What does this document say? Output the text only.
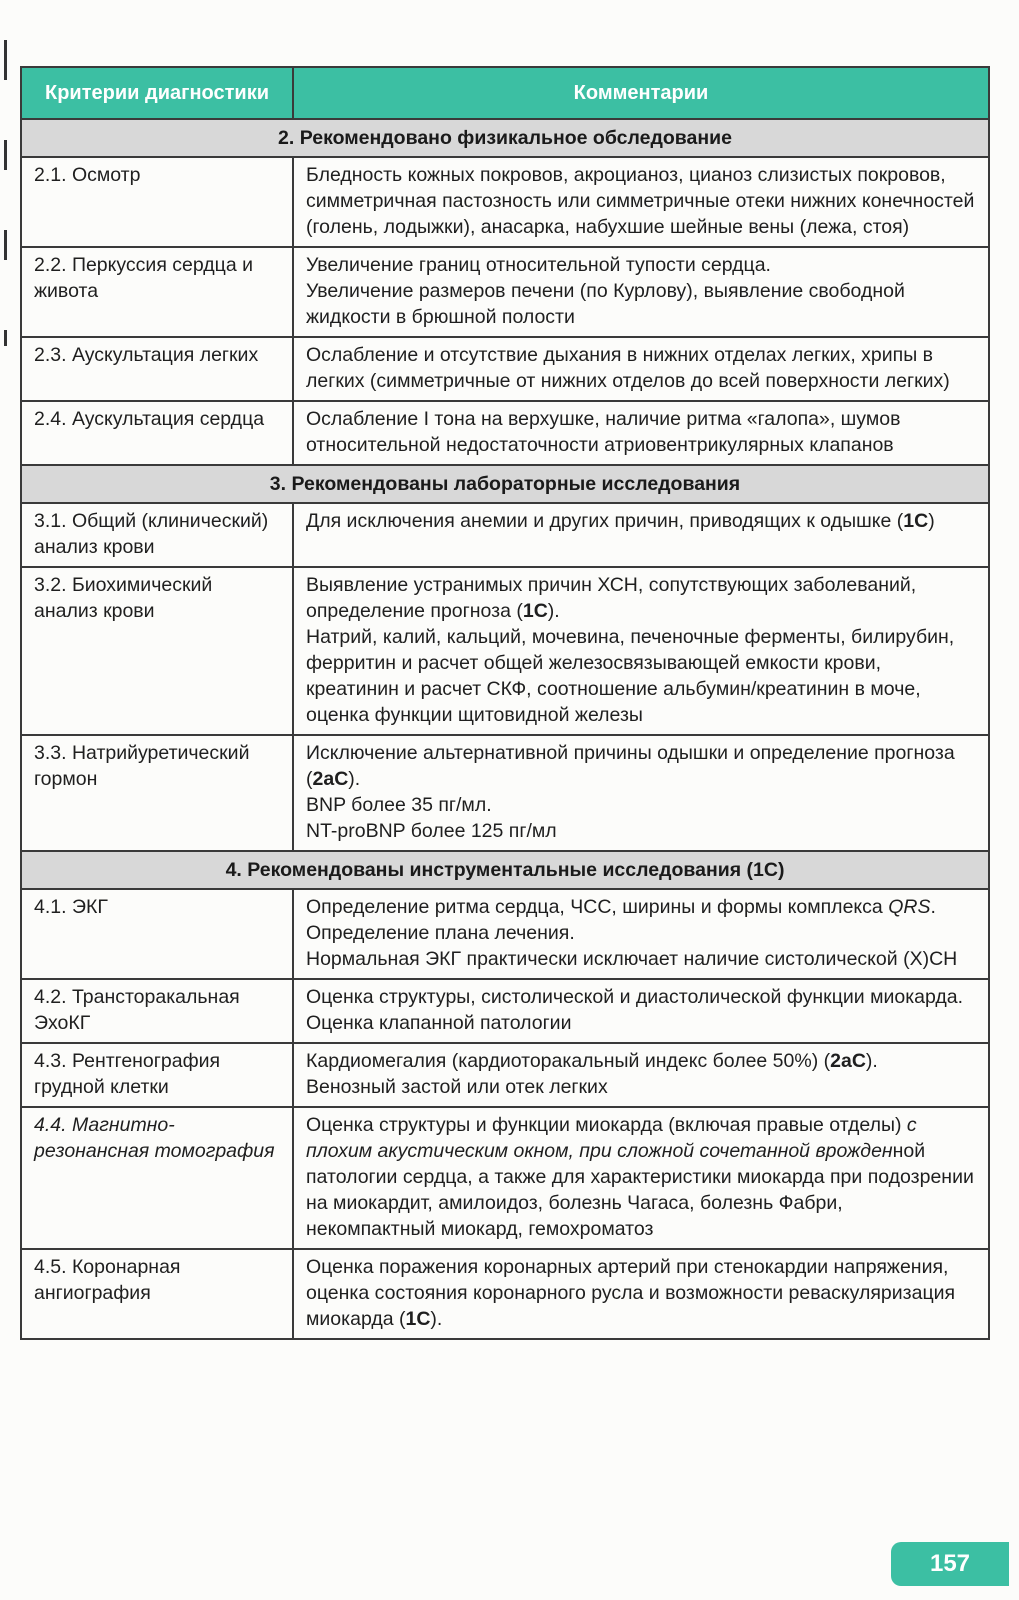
Критерии диагностики	Комментарии
2. Рекомендовано физикальное обследование	
2.1. Осмотр	Бледность кожных покровов, акроцианоз, цианоз слизистых покровов, симметричная пастозность или симметричные отеки нижних конечностей (голень, лодыжки), анасарка, набухшие шейные вены (лежа, стоя)

2.2. Перкуссия сердца и живота	Увеличение границ относительной тупости сердца.

Увеличение размеров печени (по Курлову), выявление свободной жидкости в брюшной полости

2.3. Аускультация легких	Ослабление и отсутствие дыхания в нижних отделах легких, хрипы в легких (симметричные от нижних отделов до всей поверхности легких)

2.4. Аускультация сердца	Ослабление I тона на верхушке, наличие ритма «галопа», шумов относительной недостаточности атриовентрикулярных клапанов

3. Рекомендованы лабораторные исследования	
3.1. Общий (клинический) анализ крови	Для исключения анемии и других причин, приводящих к одышке (1C)

3.2. Биохимический анализ крови	Выявление устранимых причин ХСН, сопутствующих заболеваний, определение прогноза (1C).

Натрий, калий, кальций, мочевина, печеночные ферменты, билирубин, ферритин и расчет общей железосвязывающей емкости крови, креатинин и расчет СКФ, соотношение альбумин/креатинин в моче, оценка функции щитовидной железы

3.3. Натрийуретический гормон	Исключение альтернативной причины одышки и определение прогноза (2aC).

BNP более 35 пг/мл.

NT-proBNP более 125 пг/мл

4. Рекомендованы инструментальные исследования (1С)	
4.1. ЭКГ	Определение ритма сердца, ЧСС, ширины и формы комплекса QRS.

Определение плана лечения.

Нормальная ЭКГ практически исключает наличие систолической (Х)СН

4.2. Трансторакальная ЭхоКГ	Оценка структуры, систолической и диастолической функции миокарда.

Оценка клапанной патологии

4.3. Рентгенография грудной клетки	Кардиомегалия (кардиоторакальный индекс более 50%) (2aC).

Венозный застой или отек легких

4.4. Магнитно-резонансная томография	Оценка структуры и функции миокарда (включая правые отделы) с плохим акустическим окном, при сложной сочетанной врожденной патологии сердца, а также для характеристики миокарда при подозрении на миокардит, амилоидоз, болезнь Чагаса, болезнь Фабри, некомпактный миокард, гемохроматоз

4.5. Коронарная ангиография	Оценка поражения коронарных артерий при стенокардии напряжения, оценка состояния коронарного русла и возможности реваскуляризация миокарда (1C).

157
